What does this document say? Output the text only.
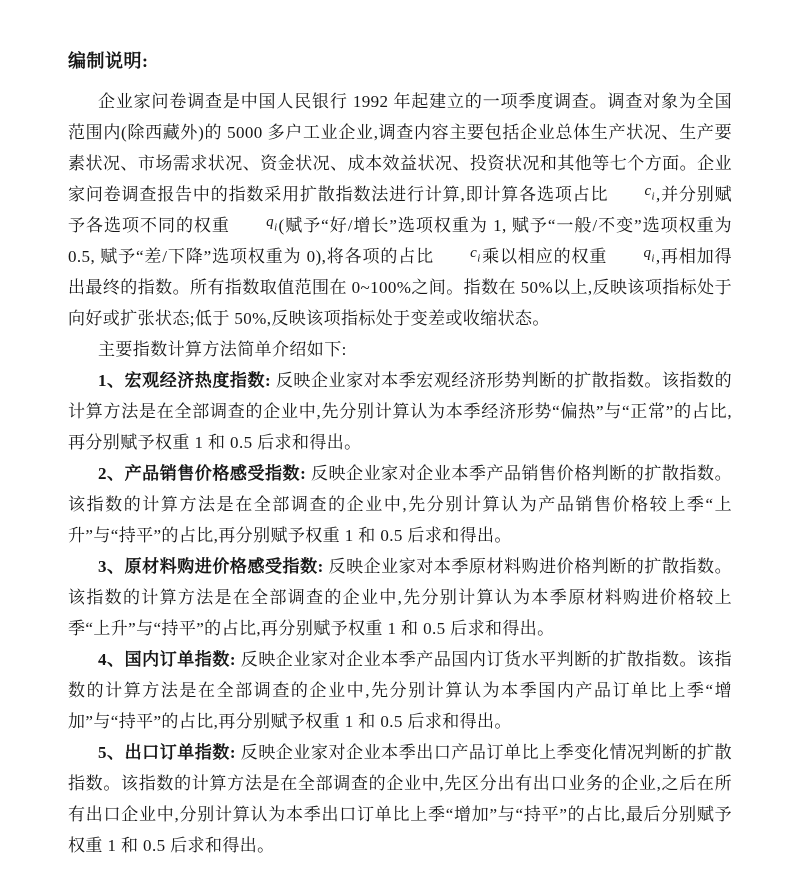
编制说明:

企业家问卷调查是中国人民银行 1992 年起建立的一项季度调查。调查对象为全国范围内(除西藏外)的 5000 多户工业企业,调查内容主要包括企业总体生产状况、生产要素状况、市场需求状况、资金状况、成本效益状况、投资状况和其他等七个方面。企业家问卷调查报告中的指数采用扩散指数法进行计算,即计算各选项占比 $c_i$,并分别赋予各选项不同的权重 $q_i$(赋予“好/增长”选项权重为 1, 赋予“一般/不变”选项权重为 0.5, 赋予“差/下降”选项权重为 0),将各项的占比 $c_i$乘以相应的权重 $q_i$,再相加得出最终的指数。所有指数取值范围在 0~100%之间。指数在 50%以上,反映该项指标处于向好或扩张状态;低于 50%,反映该项指标处于变差或收缩状态。

主要指数计算方法简单介绍如下:

1、宏观经济热度指数: 反映企业家对本季宏观经济形势判断的扩散指数。该指数的计算方法是在全部调查的企业中,先分别计算认为本季经济形势“偏热”与“正常”的占比,再分别赋予权重 1 和 0.5 后求和得出。

2、产品销售价格感受指数: 反映企业家对企业本季产品销售价格判断的扩散指数。该指数的计算方法是在全部调查的企业中,先分别计算认为产品销售价格较上季“上升”与“持平”的占比,再分别赋予权重 1 和 0.5 后求和得出。

3、原材料购进价格感受指数: 反映企业家对本季原材料购进价格判断的扩散指数。该指数的计算方法是在全部调查的企业中,先分别计算认为本季原材料购进价格较上季“上升”与“持平”的占比,再分别赋予权重 1 和 0.5 后求和得出。

4、国内订单指数: 反映企业家对企业本季产品国内订货水平判断的扩散指数。该指数的计算方法是在全部调查的企业中,先分别计算认为本季国内产品订单比上季“增加”与“持平”的占比,再分别赋予权重 1 和 0.5 后求和得出。

5、出口订单指数: 反映企业家对企业本季出口产品订单比上季变化情况判断的扩散指数。该指数的计算方法是在全部调查的企业中,先区分出有出口业务的企业,之后在所有出口企业中,分别计算认为本季出口订单比上季“增加”与“持平”的占比,最后分别赋予权重 1 和 0.5 后求和得出。
